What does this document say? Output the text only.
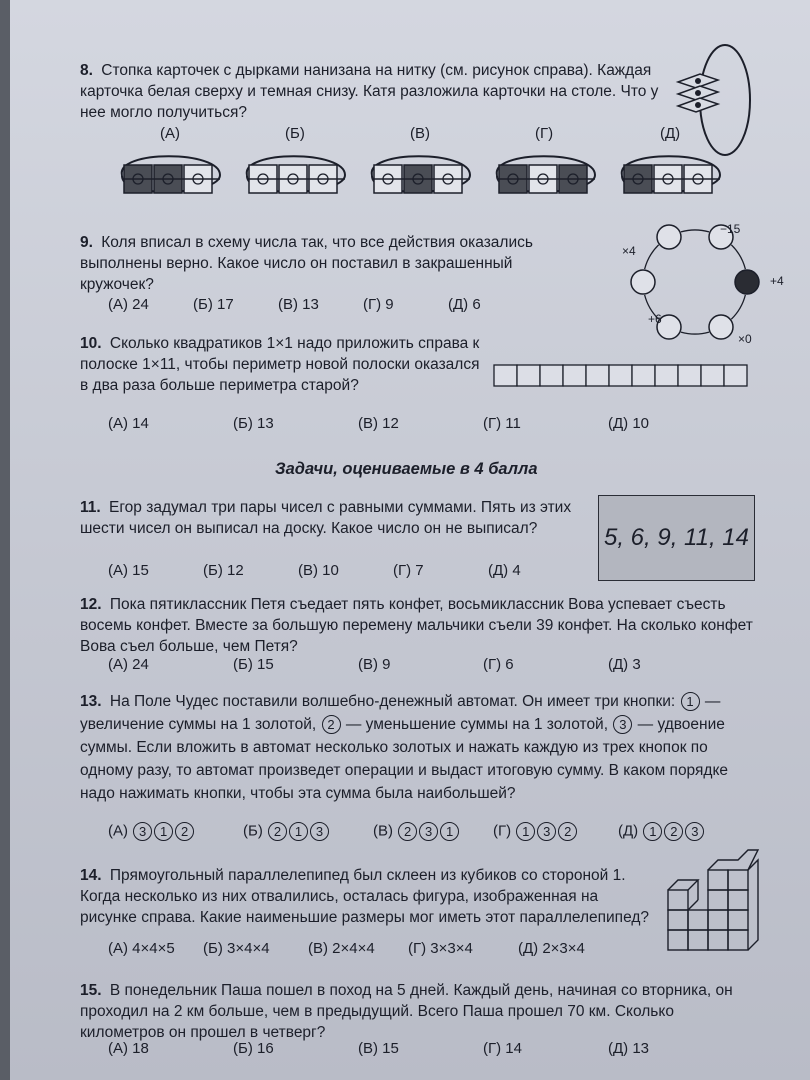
8. Стопка карточек с дырками нанизана на нитку (см. рисунок справа). Каждая карточка белая сверху и темная снизу. Катя разложила карточки на столе. Что у нее могло получиться?
(А)	(Б)	(В)	(Г)	(Д)
9. Коля вписал в схему числа так, что все действия оказались выполнены верно. Какое число он поставил в закрашенный кружочек?
(А) 24	(Б) 17	(В) 13	(Г) 9	(Д) 6
−15
+4
×0
+6
×4
10. Сколько квадратиков 1×1 надо приложить справа к полоске 1×11, чтобы периметр новой полоски оказался в два раза больше периметра старой?
(А) 14	(Б) 13	(В) 12	(Г) 11	(Д) 10
Задачи, оцениваемые в 4 балла
11. Егор задумал три пары чисел с равными суммами. Пять из этих шести чисел он выписал на доску. Какое число он не выписал?
(А) 15	(Б) 12	(В) 10	(Г) 7	(Д) 4
5, 6, 9, 11, 14
12. Пока пятиклассник Петя съедает пять конфет, восьмиклассник Вова успевает съесть восемь конфет. Вместе за большую перемену мальчики съели 39 конфет. На сколько конфет Вова съел больше, чем Петя?
(А) 24	(Б) 15	(В) 9	(Г) 6	(Д) 3
13. На Поле Чудес поставили волшебно-денежный автомат. Он имеет три кнопки: 1 — увеличение суммы на 1 золотой, 2 — уменьшение суммы на 1 золотой, 3 — удвоение суммы. Если вложить в автомат несколько золотых и нажать каждую из трех кнопок по одному разу, то автомат произведет операции и выдаст итоговую сумму. В каком порядке надо нажимать кнопки, чтобы эта сумма была наибольшей?
(А) 3 1 2	(Б) 2 1 3	(В) 2 3 1	(Г) 1 3 2	(Д) 1 2 3
14. Прямоугольный параллелепипед был склеен из кубиков со стороной 1. Когда несколько из них отвалились, осталась фигура, изображенная на рисунке справа. Какие наименьшие размеры мог иметь этот параллелепипед?
(А) 4×4×5 (Б) 3×4×4	(В) 2×4×4 (Г) 3×3×4	(Д) 2×3×4
15. В понедельник Паша пошел в поход на 5 дней. Каждый день, начиная со вторника, он проходил на 2 км больше, чем в предыдущий. Всего Паша прошел 70 км. Сколько километров он прошел в четверг?
(А) 18	(Б) 16	(В) 15	(Г) 14	(Д) 13
